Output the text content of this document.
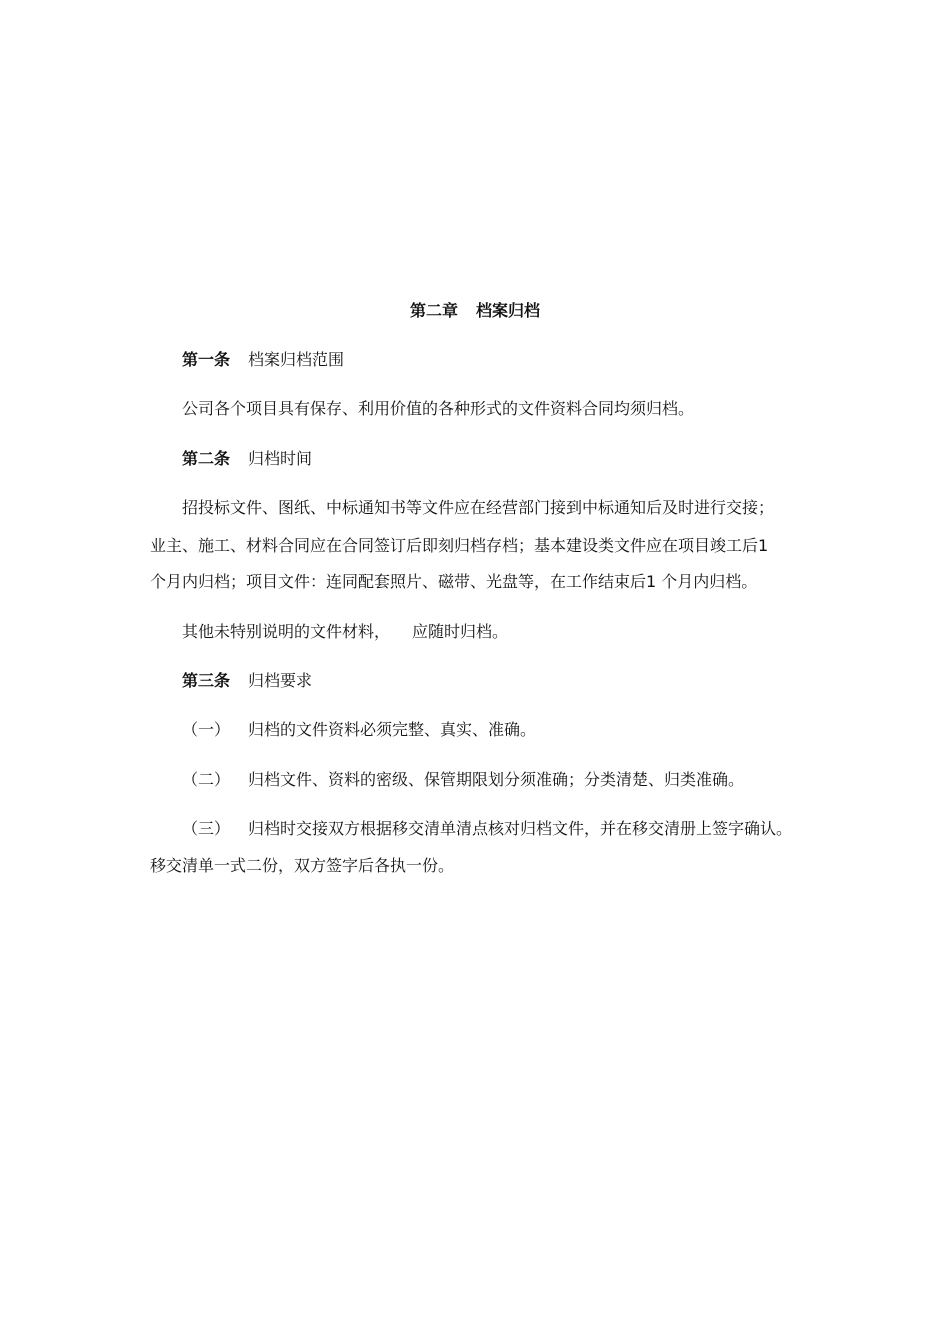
第二章 档案归档
第一条 档案归档范围
公司各个项目具有保存、利用价值的各种形式的文件资料合同均须归档。
第二条 归档时间
招投标文件、图纸、中标通知书等文件应在经营部门接到中标通知后及时进行交接；
业主、施工、材料合同应在合同签订后即刻归档存档；基本建设类文件应在项目竣工后1
个月内归档；项目文件：连同配套照片、磁带、光盘等，在工作结束后1 个月内归档。
其他未特别说明的文件材料， 应随时归档。
第三条 归档要求
（一） 归档的文件资料必须完整、真实、准确。
（二） 归档文件、资料的密级、保管期限划分须准确；分类清楚、归类准确。
（三） 归档时交接双方根据移交清单清点核对归档文件，并在移交清册上签字确认。
移交清单一式二份，双方签字后各执一份。
